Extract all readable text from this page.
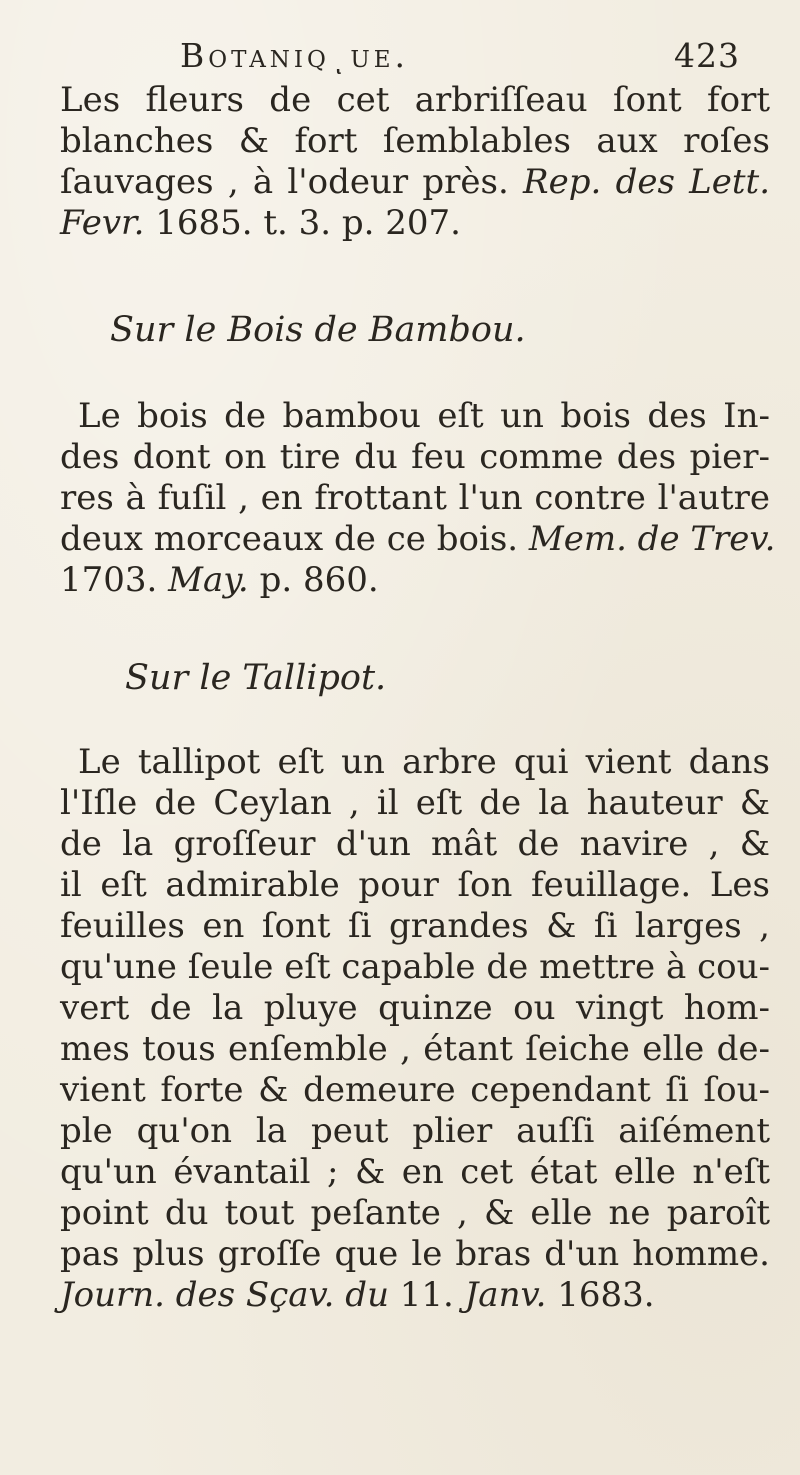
Botaniqͺue.	423

Les fleurs de cet arbriſſeau ſont fort
blanches & fort ſemblables aux roſes
ſauvages , à l'odeur près. Rep. des Lett.
Fevr. 1685. t. 3. p. 207.

Sur le Bois de Bambou.

Le bois de bambou eſt un bois des In-
des dont on tire du feu comme des pier-
res à fuſil , en frottant l'un contre l'autre
deux morceaux de ce bois. Mem. de Trev.
1703. May. p. 860.

Sur le Tallipot.

Le tallipot eſt un arbre qui vient dans
l'Iſle de Ceylan , il eſt de la hauteur &
de la groſſeur d'un mât de navire , &
il eſt admirable pour ſon feuillage. Les
feuilles en ſont ſi grandes & ſi larges ,
qu'une ſeule eſt capable de mettre à cou-
vert de la pluye quinze ou vingt hom-
mes tous enſemble , étant ſeiche elle de-
vient forte & demeure cependant ſi ſou-
ple qu'on la peut plier auſſi aiſément
qu'un évantail ; & en cet état elle n'eſt
point du tout peſante , & elle ne paroît
pas plus groſſe que le bras d'un homme.
Journ. des Sçav. du 11. Janv. 1683.
